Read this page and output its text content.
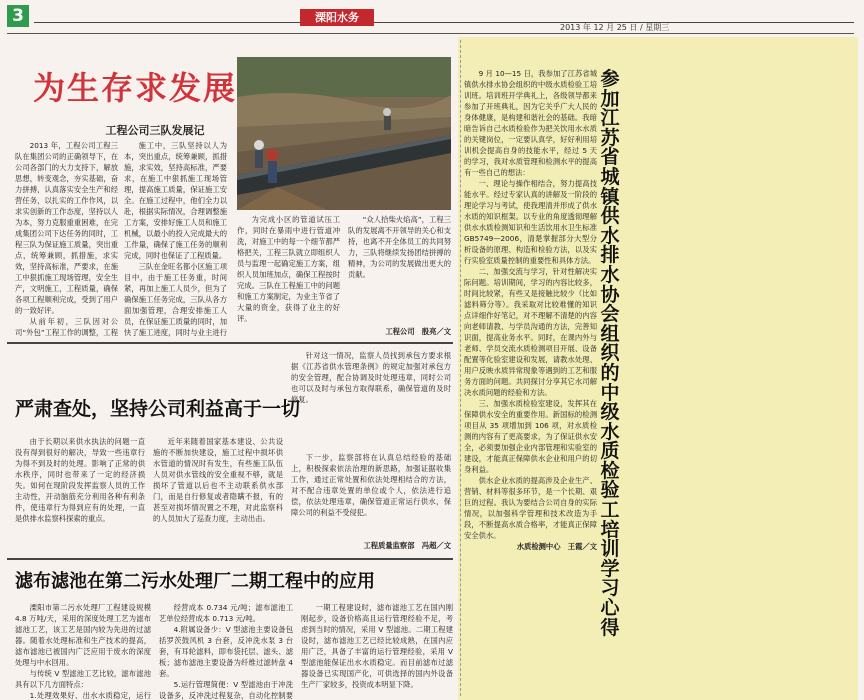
3	溧阳水务
2013 年 12 月 25 日 / 星期三
为生存求发展
工程公司三队发展记

2013 年，工程公司工程三队在集团公司的正确领导下，在公司各部门的大力支持下，解放思想，转变观念，夯实基础，奋力拼搏，认真落实安全生产和经营任务，以扎实的工作作风，以求实创新的工作态度，坚持以人为本，努力克服重重困难，在完成集团公司下达任务的同时，工程三队为保证施工质量，突出重点，统筹兼顾，抓措施，求实效，坚持高标准，严要求，在施工中狠抓施工现场管理，安全生产，文明施工，工程质量，确保各项工程顺利完成，受到了用户的一致好评。

从前年初，三队因对公司“外包”工程工作的调整，工程

施工中，三队坚持以人为本，突出重点，统筹兼顾，抓措施，求实效，坚持高标准，严要求，在施工中狠抓施工现场管理，提高施工质量，保证施工安全。在施工过程中，他们全力以赴，根据实际情况，合理调整施工方案，安排好施工人员和施工机械，以最小的投入完成最大的工作量，确保了施工任务的顺利完成，同时也保证了工程质量。

三队在金旺名都小区施工项目中，由于施工任务重，时间紧，再加上施工人员少，但为了确保施工任务完成，三队从各方面加强管理，合理安排施工人员，在保证施工质量的同时，加快了施工进度，同时与业主进行

为完成小区的管道试压工作，同时在暴雨中进行管道冲洗，对施工中的每一个细节都严格把关，工程三队就立即组织人员与监理一起确定施工方案，组织人员加班加点，确保工程按时完成。三队在工程施工中的问题和施工方案制定，为业主节省了大量的资金，获得了业主的好评。

“众人拾柴火焰高”，工程三队的发展离不开领导的关心和支持，也离不开全体员工的共同努力，三队将继续发扬团结拼搏的精神，为公司的发展做出更大的贡献。

工程公司　殷亮／文
严肃查处，坚持公司利益高于一切

由于长期以来供水执法的问题一直没有得到很好的解决，导致一些违章行为得不到及时的处理。影响了正常的供水秩序，同时也带来了一定的经济损失。如何在现阶段发挥监察人员的工作主动性，开动脑筋充分利用各种有利条件，使违章行为得到应有的处理，一直是供排水监察科探索的重点。

近年来随着国家基本建设、公共设施的不断加快建设，施工过程中损坏供水管道的情况时有发生，有些施工队伍人员对供水管线的安全重视不够，就是损坏了管道以后也不主动联系供水部门，而是自行修复或者隐瞒不报，有的甚至对损坏情况置之不理，对此监察科的人员加大了巡查力度，主动出击。

针对这一情况，监察人员找到承包方要求根据《江苏省供水管理条例》的规定加强对承包方的安全管理，配合协调及时处理违章，同时公司也可以及时与承包方取得联系，确保管道的及时修复。

下一步，监察部将在认真总结经验的基础上，积极探索依法治理的新思路，加强证据收集工作，通过正常处置和依法处理相结合的方法，对不配合违章处置的单位或个人，依法进行追偿，依法处理违章，确保管道正常运行供水，保障公司的利益不受侵犯。

工程质量监察部　冯超／文
滤布滤池在第二污水处理厂二期工程中的应用

溧阳市第二污水处理厂工程建设规模 4.8 万吨/天，采用的深度处理工艺为滤布滤池工艺，该工艺是国内较为先进的过滤器。随着水处理标准和生产技术的提高，滤布滤池已被国内广泛应用于废水的深度处理与中水回用。

与传统 V 型滤池工艺比较，滤布滤池具有以下几方面特点：

1.处理效果好、出水水质稳定，运行

经营成本 0.734 元/吨；滤布滤池工艺单位经营成本 0.713 元/吨。

4.附属设备少：V 型滤池主要设备包括罗茨鼓风机 3 台套，反冲洗水泵 3 台套，有耳轮滤料，即布袋托层、滤头、滤板；滤布滤池主要设备为纤维过滤转盘 4 套。

5.运行管理简便：V 型滤池由于冲洗设备多，反冲洗过程复杂，自动化控制要

一期工程建设时，滤布滤池工艺在国内刚刚起步，设备价格高且运行管理经验不足，考虑到当时的情况，采用 V 型滤池。二期工程建设时，滤布滤池工艺已经比较成熟，在国内应用广泛，具备了丰富的运行管理经验，采用 V 型滤池能保证出水水质稳定。而目前滤布过滤器设备已实现国产化，可供选择的国内外设备生产厂家较多，投资成本明显下降。

参加江苏省城镇供水排水协会组织的中级水质检验工培训学习心得

9 月 10—15 日，我参加了江苏省城镇供水排水协会组织的中级水质检验工培训班。培训班开学典礼上，各级领导都来参加了开班典礼，因为它关乎广大人民的身体健康，是构建和谐社会的基础。我暗暗告诉自己水质检验作为把关饮用水水质的关键岗位，一定要认真学，好好利用培训机会提高自身的技能水平，经过 5 天的学习，我对水质管理和检测水平的提高有一些自己的想法：

一、理论与操作相结合，努力提高技能水平。经过专家认真的讲解及一阶段的理论学习与考试，使我理清并形成了供水水质的知识框架。以专业的角度透彻理解供水水质检测知识和生活饮用水卫生标准 GB5749—2006，清楚掌握部分大型分析设备的原理、构造和检验方法，以及实行实验室质量控制的重要性和具体方法。

二、加强交流与学习，针对性解决实际问题。培训期间，学习的内容比较多，时间比较紧，有些又是接触比较少（比如滤料筛分等）。我采取对比较难懂的知识点详细作好笔记，对不理解不清楚的内容向老师请教、与学员沟通的方法，完善知识面，提高业务水平。同时，在课内外与老师、学员交流水质检测项目开展、设备配置等化验室建设和发展，请教水处理、用户反映水质异常现象等遇到的工艺和服务方面的问题。共同探讨分享其它水司解决水质问题的经验和方法。

三、加强水质检验室建设，发挥其在保障供水安全的重要作用。新国标的检测项目从 35 项增加到 106 项，对水质检测的内容有了更高要求，为了保证供水安全，必须要加强企业内部管理和实验室的建设，才能真正保障供水企业和用户的切身利益。

供水企业水质的提高涉及企业生产、营销、材料等很多环节，是一个长期、艰巨的过程。我认为要结合公司自身的实际情况，以加强科学管理和技术改造为手段，不断提高水质合格率，才能真正保障安全供水。

水质检测中心　王霞／文
